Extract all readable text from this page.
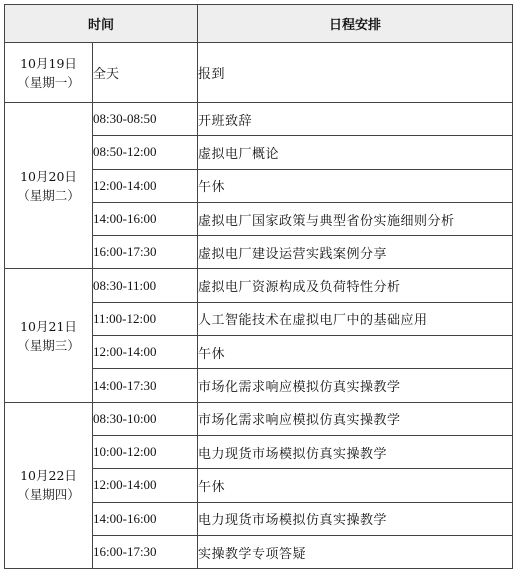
时间		日程安排

10月19日
（星期一）	全天	报到

10月20日
（星期二）	08:30-08:50	开班致辞
	08:50-12:00	虚拟电厂概论
	12:00-14:00	午休
	14:00-16:00	虚拟电厂国家政策与典型省份实施细则分析
	16:00-17:30	虚拟电厂建设运营实践案例分享

10月21日
（星期三）	08:30-11:00	虚拟电厂资源构成及负荷特性分析
	11:00-12:00	人工智能技术在虚拟电厂中的基础应用
	12:00-14:00	午休
	14:00-17:30	市场化需求响应模拟仿真实操教学

10月22日
（星期四）	08:30-10:00	市场化需求响应模拟仿真实操教学
	10:00-12:00	电力现货市场模拟仿真实操教学
	12:00-14:00	午休
	14:00-16:00	电力现货市场模拟仿真实操教学
	16:00-17:30	实操教学专项答疑
